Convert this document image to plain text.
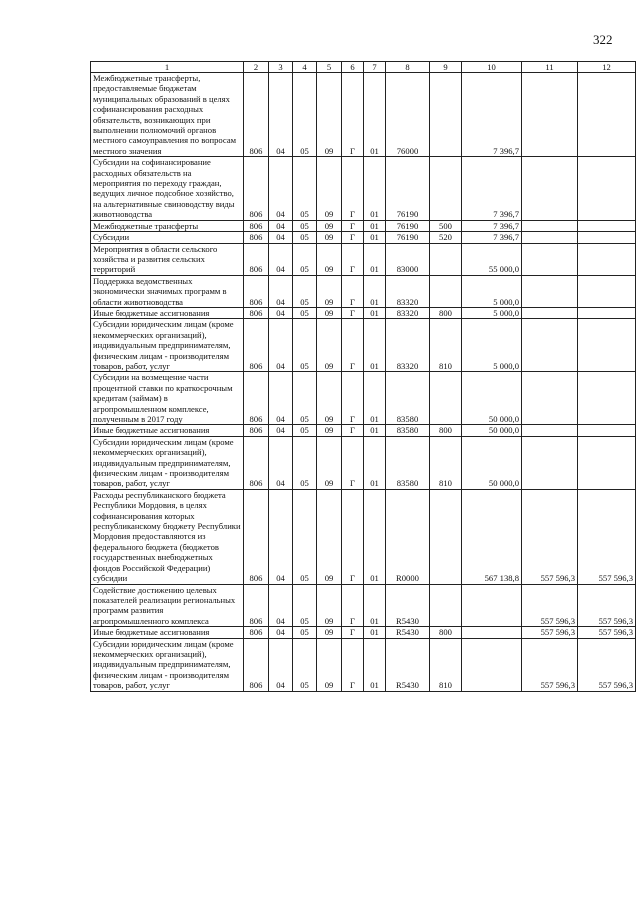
322
1	2	3	4	5	6	7	8	9	10	11	12
Межбюджетные трансферты, предоставляемые бюджетам муниципальных образований в целях софинансирования расходных обязательств, возникающих при выполнении полномочий органов местного самоуправления по вопросам местного значения	806	04	05	09	Г	01	76000		7 396,7		
Субсидии на софинансирование расходных обязательств на мероприятия по переходу граждан, ведущих личное подсобное хозяйство, на альтернативные свиноводству виды животноводства	806	04	05	09	Г	01	76190		7 396,7		
Межбюджетные трансферты	806	04	05	09	Г	01	76190	500	7 396,7		
Субсидии	806	04	05	09	Г	01	76190	520	7 396,7		
Мероприятия в области сельского хозяйства и развития сельских территорий	806	04	05	09	Г	01	83000		55 000,0		
Поддержка ведомственных экономически значимых программ в области животноводства	806	04	05	09	Г	01	83320		5 000,0		
Иные бюджетные ассигнования	806	04	05	09	Г	01	83320	800	5 000,0		
Субсидии юридическим лицам (кроме некоммерческих организаций), индивидуальным предпринимателям, физическим лицам - производителям товаров, работ, услуг	806	04	05	09	Г	01	83320	810	5 000,0		
Субсидии на возмещение части процентной ставки по краткосрочным кредитам (займам) в агропромышленном комплексе, полученным в 2017 году	806	04	05	09	Г	01	83580		50 000,0		
Иные бюджетные ассигнования	806	04	05	09	Г	01	83580	800	50 000,0		
Субсидии юридическим лицам (кроме некоммерческих организаций), индивидуальным предпринимателям, физическим лицам - производителям товаров, работ, услуг	806	04	05	09	Г	01	83580	810	50 000,0		
Расходы республиканского бюджета Республики Мордовия, в целях софинансирования которых республиканскому бюджету Республики Мордовия предоставляются из федерального бюджета (бюджетов государственных внебюджетных фондов Российской Федерации) субсидии	806	04	05	09	Г	01	R0000		567 138,8	557 596,3	557 596,3
Содействие достижению целевых показателей реализации региональных программ развития агропромышленного комплекса	806	04	05	09	Г	01	R5430			557 596,3	557 596,3
Иные бюджетные ассигнования	806	04	05	09	Г	01	R5430	800		557 596,3	557 596,3
Субсидии юридическим лицам (кроме некоммерческих организаций), индивидуальным предпринимателям, физическим лицам - производителям товаров, работ, услуг	806	04	05	09	Г	01	R5430	810		557 596,3	557 596,3
